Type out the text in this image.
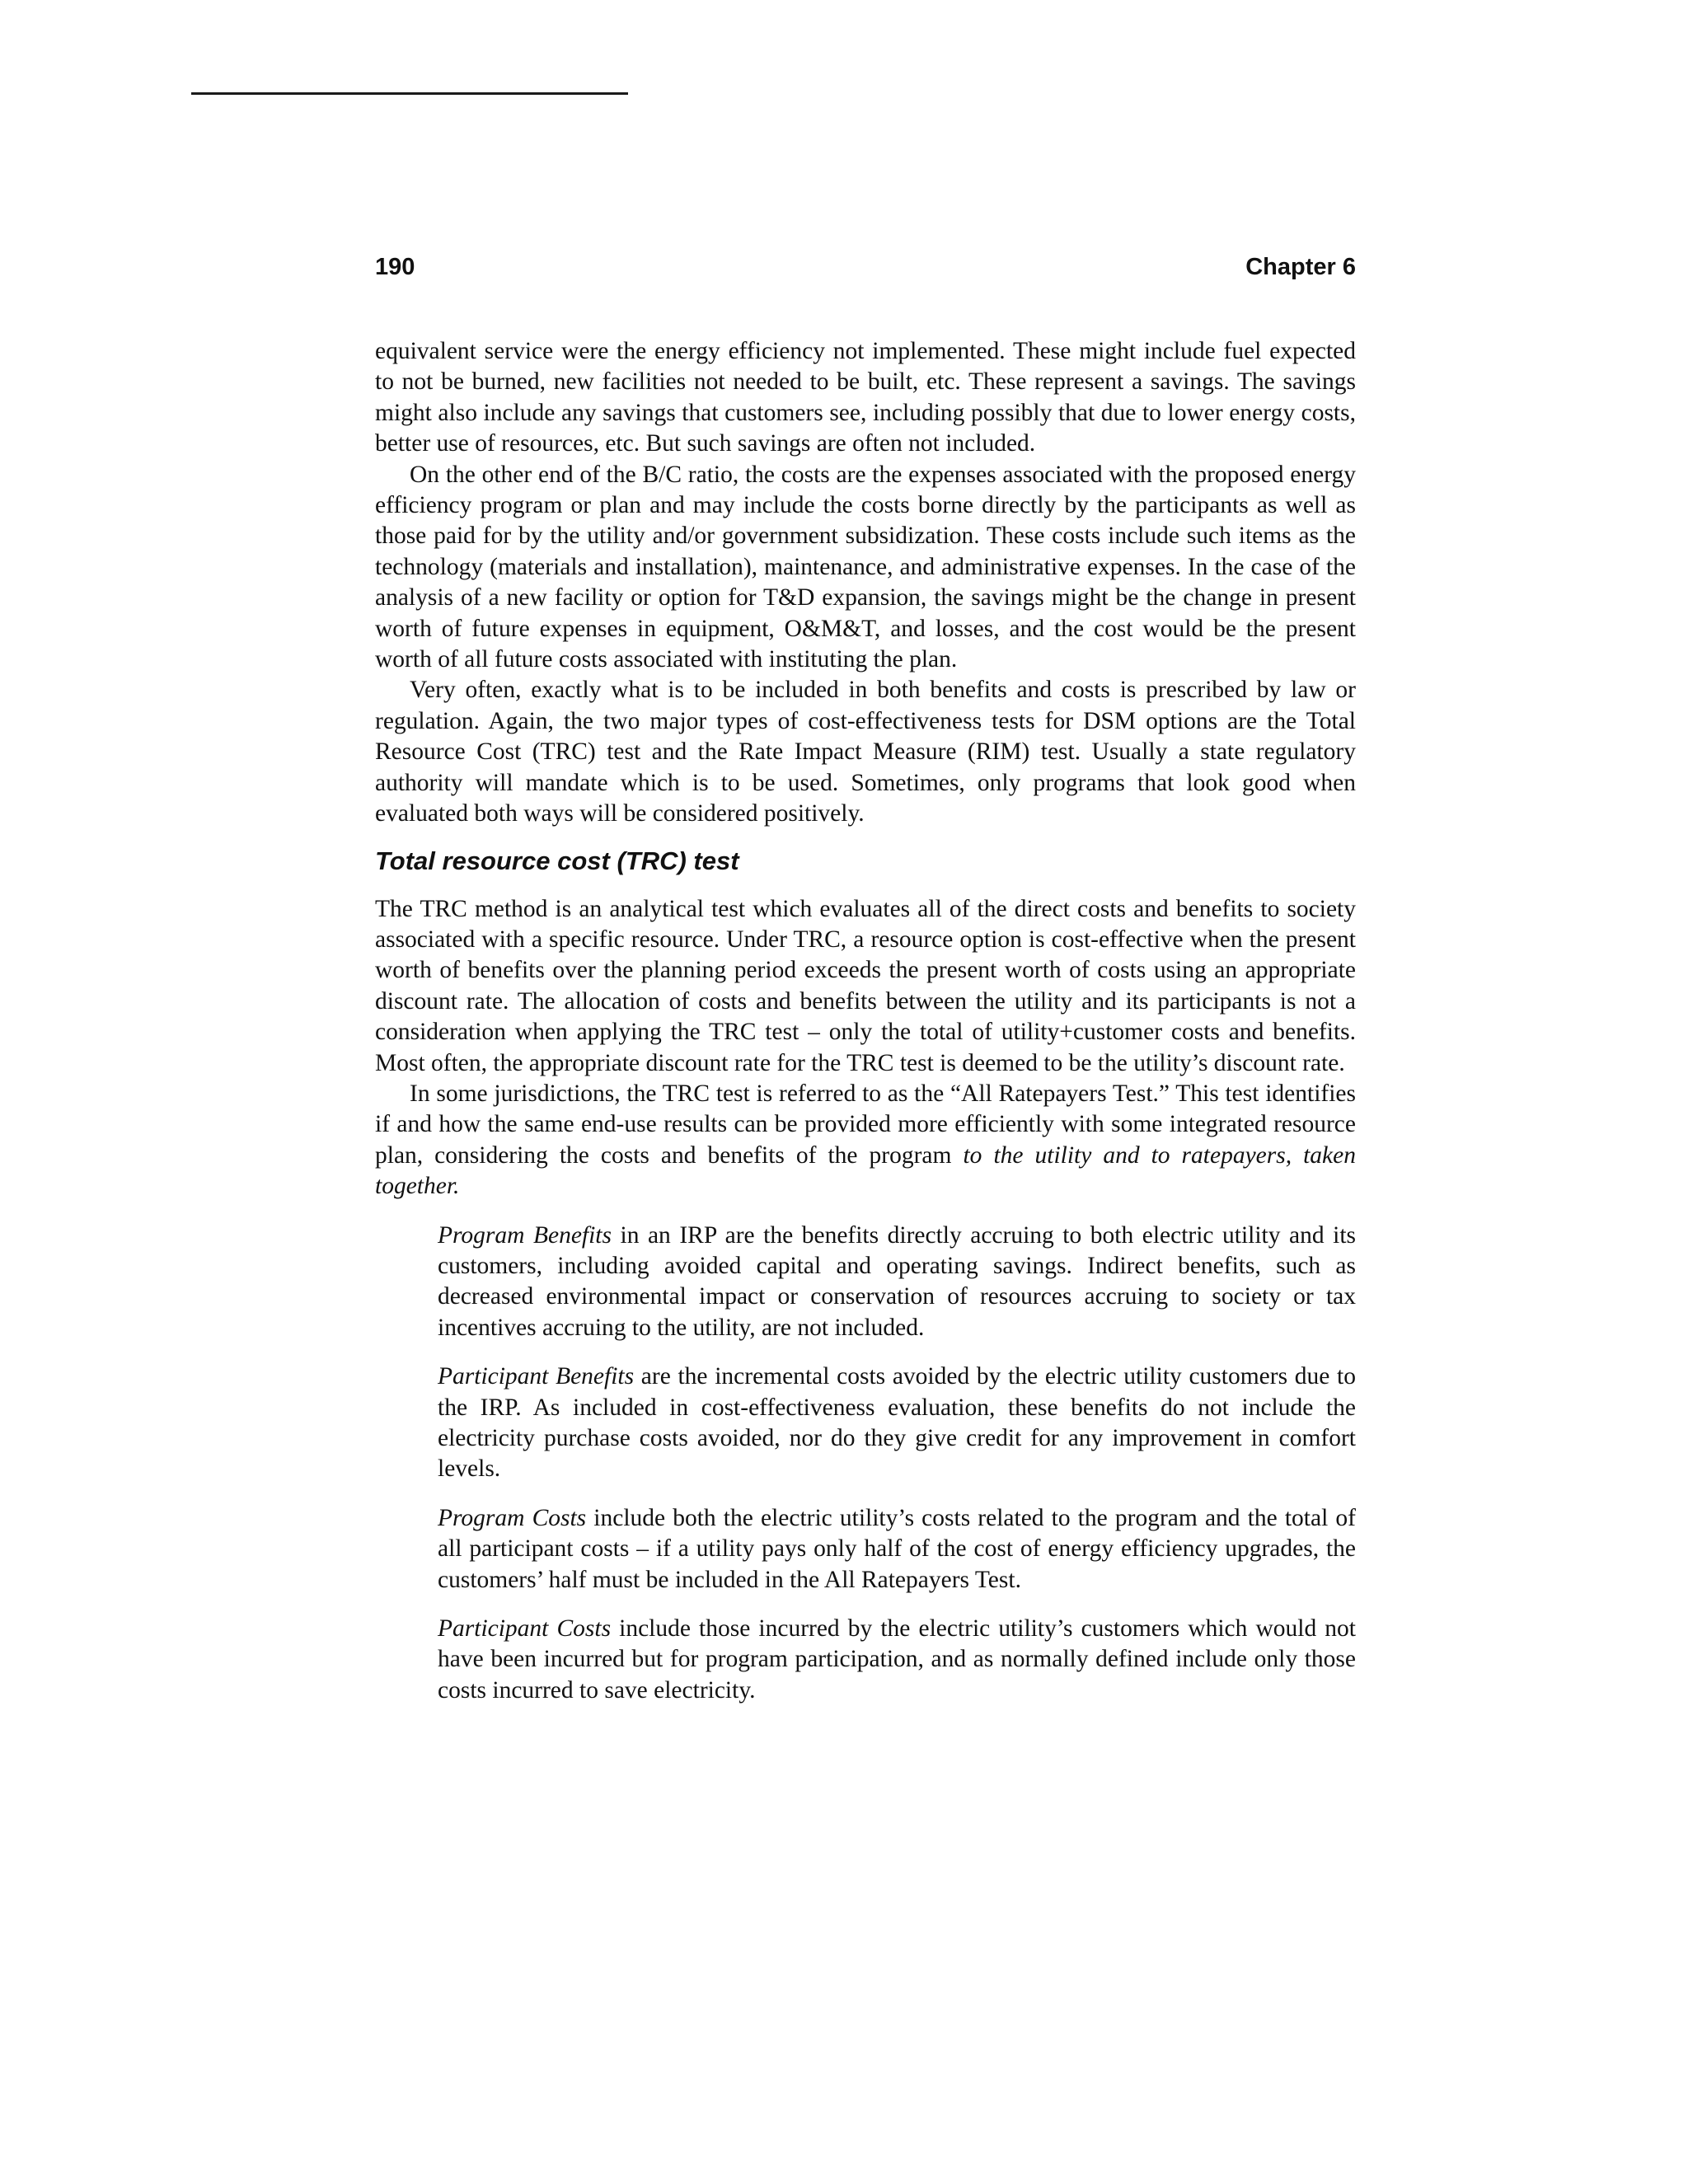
190	Chapter 6

equivalent service were the energy efficiency not implemented. These might include fuel expected to not be burned, new facilities not needed to be built, etc. These represent a savings. The savings might also include any savings that customers see, including possibly that due to lower energy costs, better use of resources, etc. But such savings are often not included.

On the other end of the B/C ratio, the costs are the expenses associated with the proposed energy efficiency program or plan and may include the costs borne directly by the participants as well as those paid for by the utility and/or government subsidization. These costs include such items as the technology (materials and installation), maintenance, and administrative expenses. In the case of the analysis of a new facility or option for T&D expansion, the savings might be the change in present worth of future expenses in equipment, O&M&T, and losses, and the cost would be the present worth of all future costs associated with instituting the plan.

Very often, exactly what is to be included in both benefits and costs is prescribed by law or regulation. Again, the two major types of cost-effectiveness tests for DSM options are the Total Resource Cost (TRC) test and the Rate Impact Measure (RIM) test. Usually a state regulatory authority will mandate which is to be used. Sometimes, only programs that look good when evaluated both ways will be considered positively.

Total resource cost (TRC) test

The TRC method is an analytical test which evaluates all of the direct costs and benefits to society associated with a specific resource. Under TRC, a resource option is cost-effective when the present worth of benefits over the planning period exceeds the present worth of costs using an appropriate discount rate. The allocation of costs and benefits between the utility and its participants is not a consideration when applying the TRC test – only the total of utility+customer costs and benefits. Most often, the appropriate discount rate for the TRC test is deemed to be the utility’s discount rate.

In some jurisdictions, the TRC test is referred to as the “All Ratepayers Test.” This test identifies if and how the same end-use results can be provided more efficiently with some integrated resource plan, considering the costs and benefits of the program to the utility and to ratepayers, taken together.

Program Benefits in an IRP are the benefits directly accruing to both electric utility and its customers, including avoided capital and operating savings. Indirect benefits, such as decreased environmental impact or conservation of resources accruing to society or tax incentives accruing to the utility, are not included.

Participant Benefits are the incremental costs avoided by the electric utility customers due to the IRP. As included in cost-effectiveness evaluation, these benefits do not include the electricity purchase costs avoided, nor do they give credit for any improvement in comfort levels.

Program Costs include both the electric utility’s costs related to the program and the total of all participant costs – if a utility pays only half of the cost of energy efficiency upgrades, the customers’ half must be included in the All Ratepayers Test.

Participant Costs include those incurred by the electric utility’s customers which would not have been incurred but for program participation, and as normally defined include only those costs incurred to save electricity.
